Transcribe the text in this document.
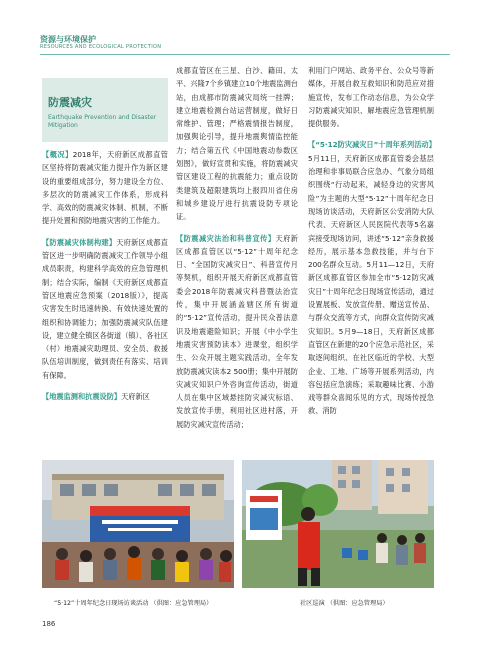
资源与环境保护
RESOURCES AND ECOLOGICAL PROTECTION
防震减灾
Earthquake Prevention and Disaster Mitigation
【概况】2018年，天府新区成都直管区坚持将防震减灾能力提升作为新区建设的重要组成部分，努力建设全方位、多层次的防震减灾工作体系，形成科学、高效的防震减灾体制、机制，不断提升处置和预防地震灾害的工作能力。
【防震减灾体制构建】天府新区成都直管区进一步明确防震减灾工作领导小组成员职责，构建科学高效的应急管理机制；结合实际，编制《天府新区成都直管区地震应急预案（2018版）》，提高灾害发生时迅速转换、有效快速处置的组织和协调能力；加强防震减灾队伍建设，建立健全镇区各街道（镇）、各社区（村）地震减灾助理员、安全员、救援队伍培训制度，做到责任有落实、培训有保障。
【地震监测和抗震设防】天府新区
成都直管区在三星、白沙、籍田、太平、兴隆7个乡镇建立10个地震监测台站，由成都市防震减灾局统一挂牌；建立地震检测台站运营制度，做好日常维护、管理；严格震情报告制度，加强舆论引导，提升地震舆情监控能力；结合第五代《中国地震动参数区划图》，做好宣贯和实施，将防震减灾管区建设工程的抗震能力；重点设防类建筑及超限建筑均上报四川省住房和城乡建设厅进行抗震设防专项论证。
【防震减灾法治和科普宣传】天府新区成都直管区以“5·12”十周年纪念日、“全国防灾减灾日”、科普宣传月等契机，组织开展天府新区成都直管委会2018年防震减灾科普暨法治宣传，集中开展涵盖辖区所有街道的“5·12”宣传活动，提升民众普法意识及地震避险知识；开展《中小学生地震灾害预防读本》进课堂，组织学生、公众开展主题实践活动，全年发放防震减灾读本2 500册；集中开展防灾减灾知识户外咨询宣传活动，街道人员在集中区域悬挂防灾减灾标语、发放宣传手册，利用社区进村落，开展防灾减灾宣传活动；
利用门户网站、政务平台、公众号等新媒体，开展自救互救知识和防范应对措施宣传，发布工作动态信息，为公众学习防震减灾知识、解地震应急管理机制提供服务。
【“5·12防灾减灾日”十周年系列活动】5月11日，天府新区成都直管委会基层治理和非事局联合应急办、气象分局组织围绕“行动起来，减轻身边的灾害风险”为主题的大型“5·12”十周年纪念日现场访谈活动，天府新区公安消防大队代表、天府新区人民医院代表等5名嘉宾接受现场访问，讲述“5·12”亲身救援经历，展示基本急救技能，并与台下200名群众互动。5月11—12日，天府新区成都直管区参加全市“5·12防灾减灾日”十周年纪念日现场宣传活动，通过设置展板、发放宣传册、赠送宣传品、与群众交流等方式，向群众宣传防灾减灾知识。5月9—18日，天府新区成都直管区在新建的20个应急示范社区，采取逐间组织、在社区临近的学校、大型企业、工地、广场等开展系列活动，内容包括应急演练；采取趣味比赛、小游戏等群众喜闻乐见的方式，现场传授急救、消防
“5·12”十周年纪念日现场访谈活动 （供图：应急管理局）	社区巡演 （供图：应急管理局）
186
